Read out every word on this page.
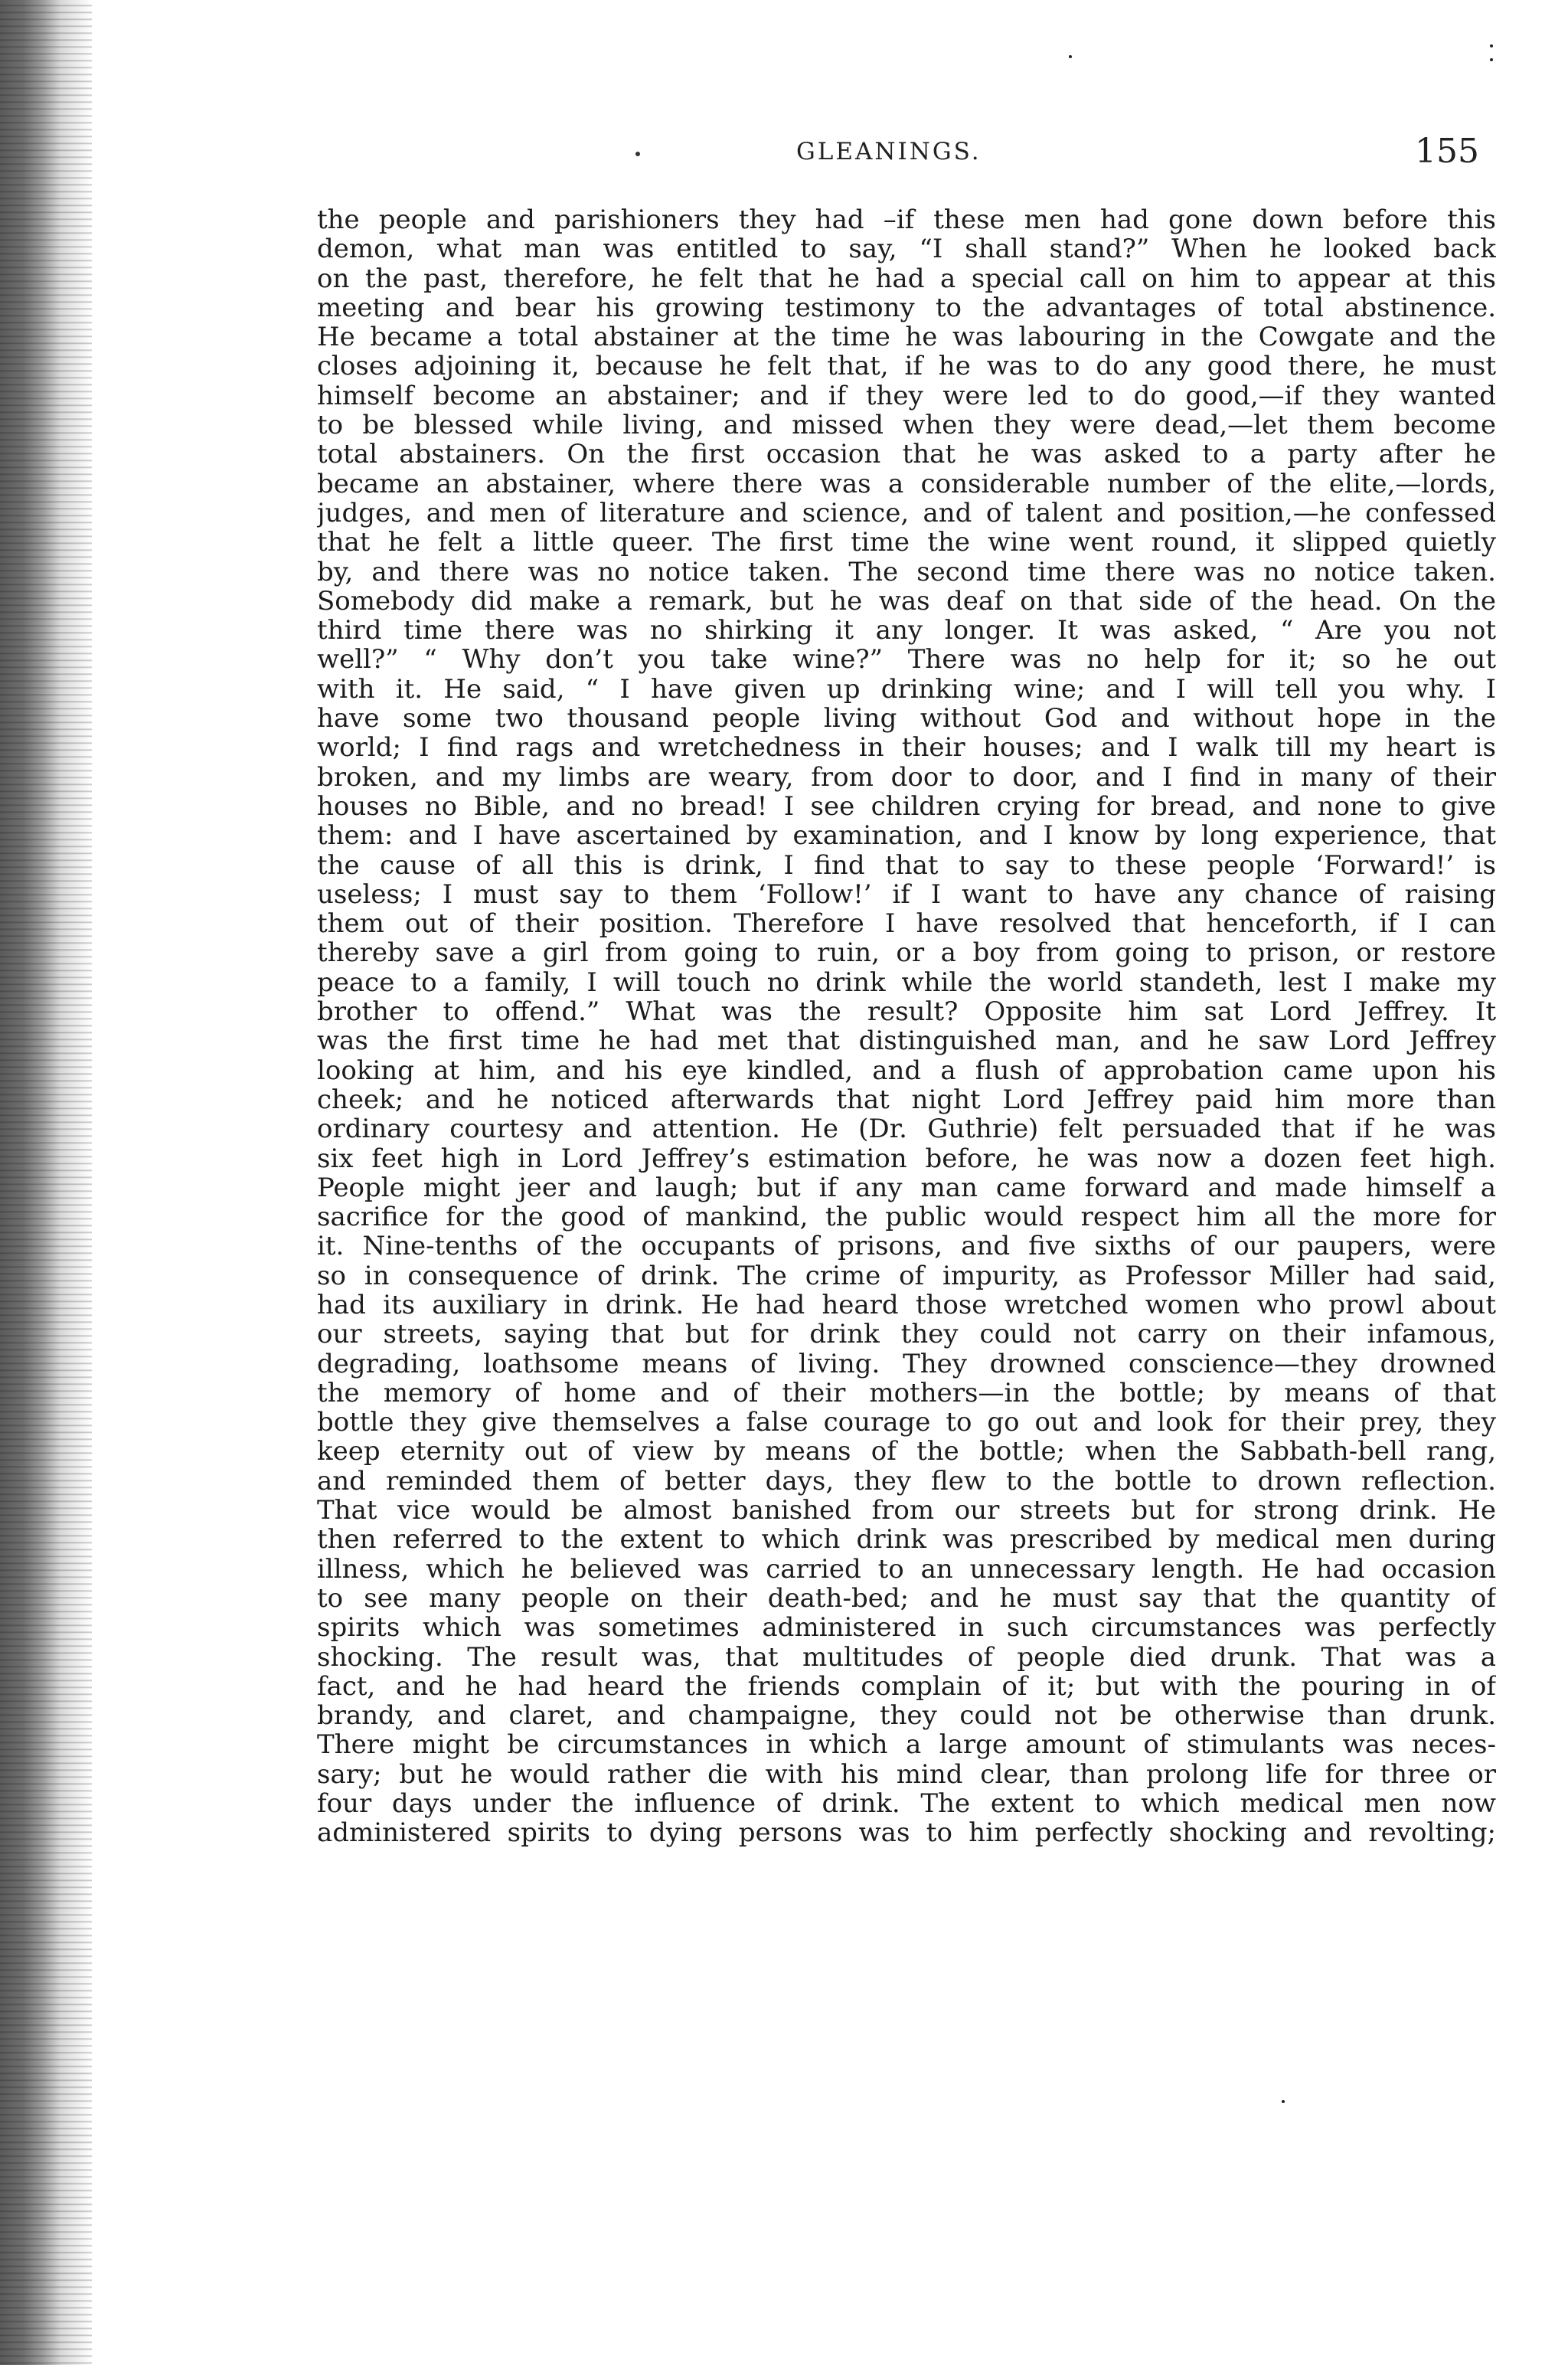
GLEANINGS.	155
the people and parishioners they had –if these men had gone down before this
demon, what man was entitled to say, “I shall stand?” When he looked back
on the past, therefore, he felt that he had a special call on him to appear at this
meeting and bear his growing testimony to the advantages of total abstinence.
He became a total abstainer at the time he was labouring in the Cowgate and the
closes adjoining it, because he felt that, if he was to do any good there, he must
himself become an abstainer; and if they were led to do good,—if they wanted
to be blessed while living, and missed when they were dead,—let them become
total abstainers. On the first occasion that he was asked to a party after he
became an abstainer, where there was a considerable number of the elite,—lords,
judges, and men of literature and science, and of talent and position,—he confessed
that he felt a little queer. The first time the wine went round, it slipped quietly
by, and there was no notice taken. The second time there was no notice taken.
Somebody did make a remark, but he was deaf on that side of the head. On the
third time there was no shirking it any longer. It was asked, “ Are you not
well?” “ Why don’t you take wine?” There was no help for it; so he out
with it. He said, “ I have given up drinking wine; and I will tell you why. I
have some two thousand people living without God and without hope in the
world; I find rags and wretchedness in their houses; and I walk till my heart is
broken, and my limbs are weary, from door to door, and I find in many of their
houses no Bible, and no bread! I see children crying for bread, and none to give
them: and I have ascertained by examination, and I know by long experience, that
the cause of all this is drink, I find that to say to these people ‘Forward!’ is
useless; I must say to them ‘Follow!’ if I want to have any chance of raising
them out of their position. Therefore I have resolved that henceforth, if I can
thereby save a girl from going to ruin, or a boy from going to prison, or restore
peace to a family, I will touch no drink while the world standeth, lest I make my
brother to offend.” What was the result? Opposite him sat Lord Jeffrey. It
was the first time he had met that distinguished man, and he saw Lord Jeffrey
looking at him, and his eye kindled, and a flush of approbation came upon his
cheek; and he noticed afterwards that night Lord Jeffrey paid him more than
ordinary courtesy and attention. He (Dr. Guthrie) felt persuaded that if he was
six feet high in Lord Jeffrey’s estimation before, he was now a dozen feet high.
People might jeer and laugh; but if any man came forward and made himself a
sacrifice for the good of mankind, the public would respect him all the more for
it. Nine-tenths of the occupants of prisons, and five sixths of our paupers, were
so in consequence of drink. The crime of impurity, as Professor Miller had said,
had its auxiliary in drink. He had heard those wretched women who prowl about
our streets, saying that but for drink they could not carry on their infamous,
degrading, loathsome means of living. They drowned conscience—they drowned
the memory of home and of their mothers—in the bottle; by means of that
bottle they give themselves a false courage to go out and look for their prey, they
keep eternity out of view by means of the bottle; when the Sabbath-bell rang,
and reminded them of better days, they flew to the bottle to drown reflection.
That vice would be almost banished from our streets but for strong drink. He
then referred to the extent to which drink was prescribed by medical men during
illness, which he believed was carried to an unnecessary length. He had occasion
to see many people on their death-bed; and he must say that the quantity of
spirits which was sometimes administered in such circumstances was perfectly
shocking. The result was, that multitudes of people died drunk. That was a
fact, and he had heard the friends complain of it; but with the pouring in of
brandy, and claret, and champaigne, they could not be otherwise than drunk.
There might be circumstances in which a large amount of stimulants was neces-
sary; but he would rather die with his mind clear, than prolong life for three or
four days under the influence of drink. The extent to which medical men now
administered spirits to dying persons was to him perfectly shocking and revolting;
